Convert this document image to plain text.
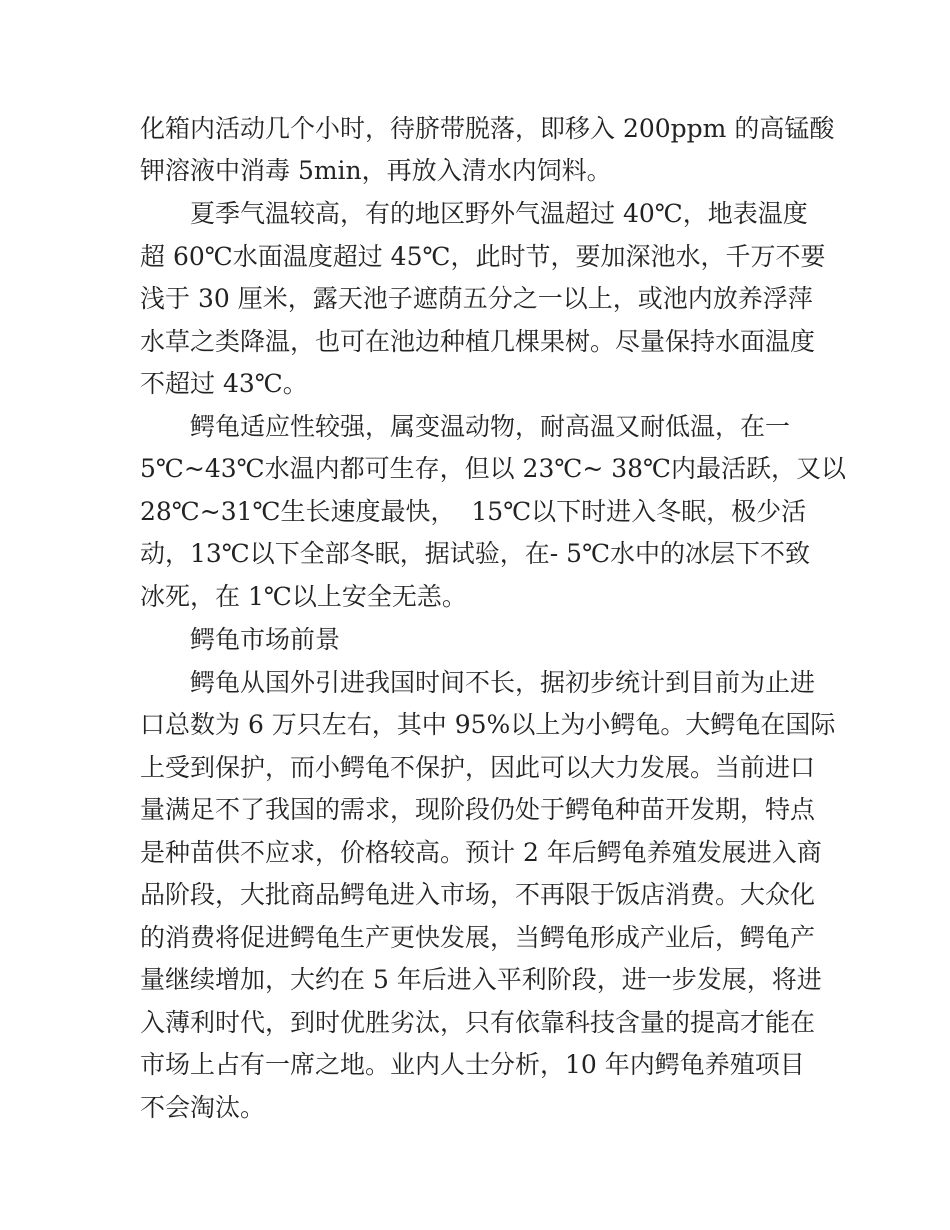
化箱内活动几个小时，待脐带脱落，即移入 200ppm 的高锰酸
钾溶液中消毒 5min，再放入清水内饲料。
夏季气温较高，有的地区野外气温超过 40℃，地表温度
超 60℃水面温度超过 45℃，此时节，要加深池水，千万不要
浅于 30 厘米，露天池子遮荫五分之一以上，或池内放养浮萍
水草之类降温，也可在池边种植几棵果树。尽量保持水面温度
不超过 43℃。
鳄龟适应性较强，属变温动物，耐高温又耐低温，在一
5℃~43℃水温内都可生存，但以 23℃~ 38℃内最活跃，又以
28℃~31℃生长速度最快，  15℃以下时进入冬眠，极少活
动，13℃以下全部冬眠，据试验，在- 5℃水中的冰层下不致
冰死，在 1℃以上安全无恙。
鳄龟市场前景
鳄龟从国外引进我国时间不长，据初步统计到目前为止进
口总数为 6 万只左右，其中 95%以上为小鳄龟。大鳄龟在国际
上受到保护，而小鳄龟不保护，因此可以大力发展。当前进口
量满足不了我国的需求，现阶段仍处于鳄龟种苗开发期，特点
是种苗供不应求，价格较高。预计 2 年后鳄龟养殖发展进入商
品阶段，大批商品鳄龟进入市场，不再限于饭店消费。大众化
的消费将促进鳄龟生产更快发展，当鳄龟形成产业后，鳄龟产
量继续增加，大约在 5 年后进入平利阶段，进一步发展，将进
入薄利时代，到时优胜劣汰，只有依靠科技含量的提高才能在
市场上占有一席之地。业内人士分析，10 年内鳄龟养殖项目
不会淘汰。
